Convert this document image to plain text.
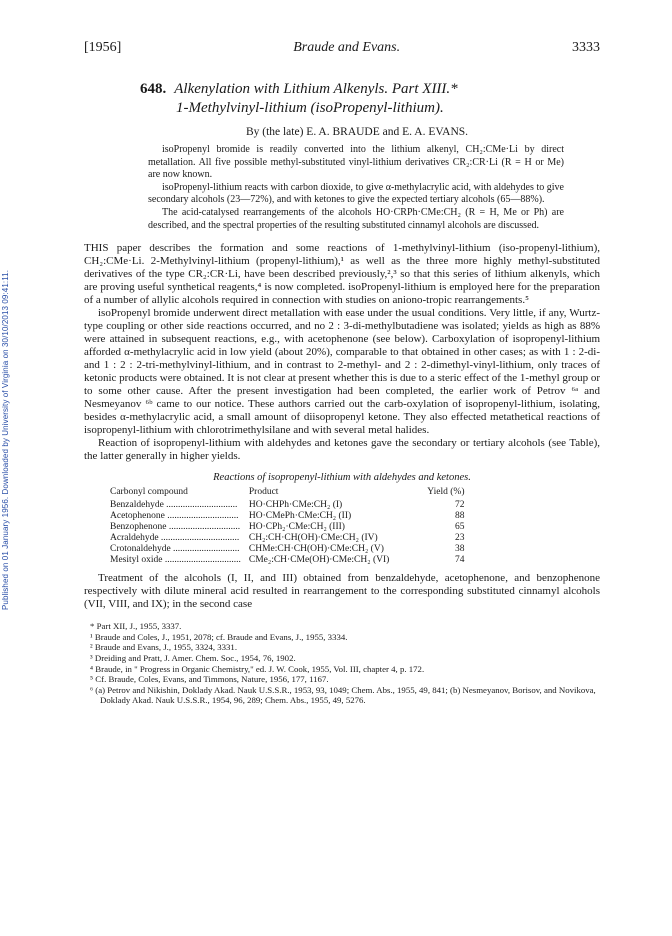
Published on 01 January 1956. Downloaded by University of Virginia on 30/10/2013 09:41:11.
[1956]	Braude and Evans.	3333
648. Alkenylation with Lithium Alkenyls. Part XIII.*
1-Methylvinyl-lithium (isoPropenyl-lithium).
By (the late) E. A. BRAUDE and E. A. EVANS.

isoPropenyl bromide is readily converted into the lithium alkenyl, CH₂:CMe·Li by direct metallation. All five possible methyl-substituted vinyl-lithium derivatives CR₂:CR·Li (R = H or Me) are now known.

isoPropenyl-lithium reacts with carbon dioxide, to give α-methylacrylic acid, with aldehydes to give secondary alcohols (23—72%), and with ketones to give the expected tertiary alcohols (65—88%).

The acid-catalysed rearrangements of the alcohols HO·CRPh·CMe:CH₂ (R = H, Me or Ph) are described, and the spectral properties of the resulting substituted cinnamyl alcohols are discussed.

THIS paper describes the formation and some reactions of 1-methylvinyl-lithium (iso-propenyl-lithium), CH₂:CMe·Li. 2-Methylvinyl-lithium (propenyl-lithium),¹ as well as the three more highly methyl-substituted derivatives of the type CR₂:CR·Li, have been described previously,²,³ so that this series of lithium alkenyls, which are proving useful synthetical reagents,⁴ is now completed. isoPropenyl-lithium is employed here for the preparation of a number of allylic alcohols required in connection with studies on aniono-tropic rearrangements.⁵

isoPropenyl bromide underwent direct metallation with ease under the usual conditions. Very little, if any, Wurtz-type coupling or other side reactions occurred, and no 2 : 3-di-methylbutadiene was isolated; yields as high as 88% were attained in subsequent reactions, e.g., with acetophenone (see below). Carboxylation of isopropenyl-lithium afforded α-methylacrylic acid in low yield (about 20%), comparable to that obtained in other cases; as with 1 : 2-di- and 1 : 2 : 2-tri-methylvinyl-lithium, and in contrast to 2-methyl- and 2 : 2-dimethyl-vinyl-lithium, only traces of ketonic products were obtained. It is not clear at present whether this is due to a steric effect of the 1-methyl group or to some other cause. After the present investigation had been completed, the earlier work of Petrov ⁶ᵃ and Nesmeyanov ⁶ᵇ came to our notice. These authors carried out the carb-oxylation of isopropenyl-lithium, isolating, besides α-methylacrylic acid, a small amount of diisopropenyl ketone. They also effected metathetical reactions of isopropenyl-lithium with chlorotrimethylsilane and with several metal halides.

Reaction of isopropenyl-lithium with aldehydes and ketones gave the secondary or tertiary alcohols (see Table), the latter generally in higher yields.

Reactions of isopropenyl-lithium with aldehydes and ketones.
Carbonyl compound	Product	Yield (%)
Benzaldehyde ..............................	HO·CHPh·CMe:CH₂ (I)	72
Acetophenone ..............................	HO·CMePh·CMe:CH₂ (II)	88
Benzophenone ..............................	HO·CPh₂·CMe:CH₂ (III)	65
Acraldehyde .................................	CH₂:CH·CH(OH)·CMe:CH₂ (IV)	23
Crotonaldehyde ............................	CHMe:CH·CH(OH)·CMe:CH₂ (V)	38
Mesityl oxide ................................	CMe₂:CH·CMe(OH)·CMe:CH₂ (VI)	74

Treatment of the alcohols (I, II, and III) obtained from benzaldehyde, acetophenone, and benzophenone respectively with dilute mineral acid resulted in rearrangement to the corresponding substituted cinnamyl alcohols (VII, VIII, and IX); in the second case

* Part XII, J., 1955, 3337.

¹ Braude and Coles, J., 1951, 2078; cf. Braude and Evans, J., 1955, 3334.

² Braude and Evans, J., 1955, 3324, 3331.

³ Dreiding and Pratt, J. Amer. Chem. Soc., 1954, 76, 1902.

⁴ Braude, in " Progress in Organic Chemistry," ed. J. W. Cook, 1955, Vol. III, chapter 4, p. 172.

⁵ Cf. Braude, Coles, Evans, and Timmons, Nature, 1956, 177, 1167.

⁶ (a) Petrov and Nikishin, Doklady Akad. Nauk U.S.S.R., 1953, 93, 1049; Chem. Abs., 1955, 49, 841; (b) Nesmeyanov, Borisov, and Novikova, Doklady Akad. Nauk U.S.S.R., 1954, 96, 289; Chem. Abs., 1955, 49, 5276.
